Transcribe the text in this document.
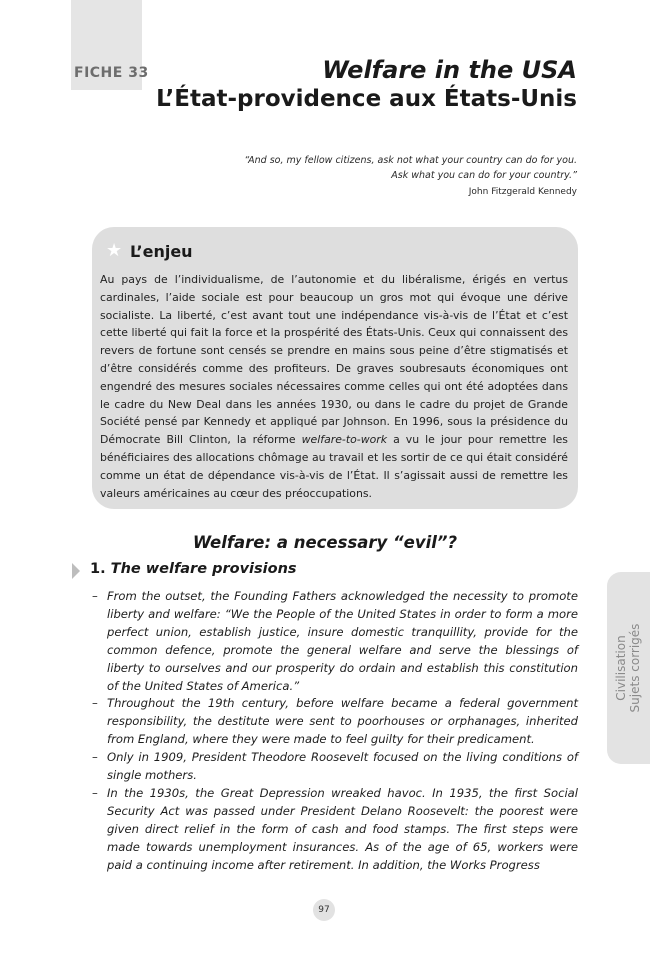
FICHE 33	Welfare in the USA
L’État-providence aux États-Unis
“And so, my fellow citizens, ask not what your country can do for you.
Ask what you can do for your country.”
John Fitzgerald Kennedy
★ L’enjeu
Au pays de l’individualisme, de l’autonomie et du libéralisme, érigés en vertus cardinales, l’aide sociale est pour beaucoup un gros mot qui évoque une dérive socialiste. La liberté, c’est avant tout une indépendance vis-à-vis de l’État et c’est cette liberté qui fait la force et la prospérité des États-Unis. Ceux qui connaissent des revers de fortune sont censés se prendre en mains sous peine d’être stigmatisés et d’être considérés comme des profiteurs. De graves soubresauts économiques ont engendré des mesures sociales nécessaires comme celles qui ont été adoptées dans le cadre du New Deal dans les années 1930, ou dans le cadre du projet de Grande Société pensé par Kennedy et appliqué par Johnson. En 1996, sous la présidence du Démocrate Bill Clinton, la réforme welfare-to-work a vu le jour pour remettre les bénéficiaires des allocations chômage au travail et les sortir de ce qui était considéré comme un état de dépendance vis-à-vis de l’État. Il s’agissait aussi de remettre les valeurs américaines au cœur des préoccupations.
Welfare: a necessary “evil”?
1. The welfare provisions
– From the outset, the Founding Fathers acknowledged the necessity to promote liberty and welfare: “We the People of the United States in order to form a more perfect union, establish justice, insure domestic tranquillity, provide for the common defence, promote the general welfare and serve the blessings of liberty to ourselves and our prosperity do ordain and establish this constitution of the United States of America.”
– Throughout the 19th century, before welfare became a federal government responsibility, the destitute were sent to poorhouses or orphanages, inherited from England, where they were made to feel guilty for their predicament.
– Only in 1909, President Theodore Roosevelt focused on the living conditions of single mothers.
– In the 1930s, the Great Depression wreaked havoc. In 1935, the first Social Security Act was passed under President Delano Roosevelt: the poorest were given direct relief in the form of cash and food stamps. The first steps were made towards unemployment insurances. As of the age of 65, workers were paid a continuing income after retirement. In addition, the Works Progress
Civilisation Sujets corrigés
97
